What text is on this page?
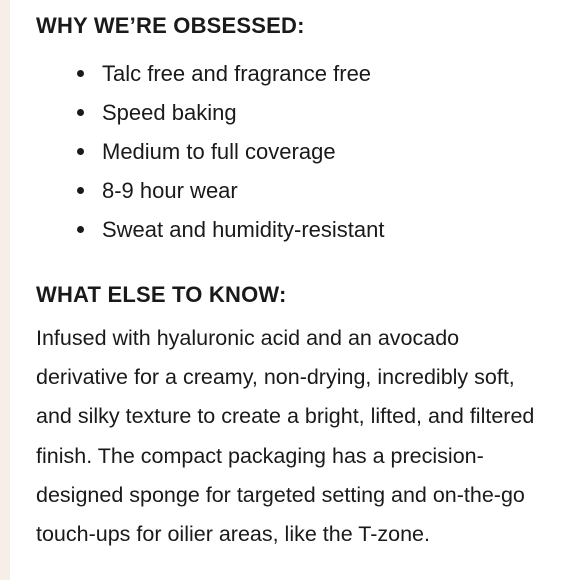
WHY WE’RE OBSESSED:
Talc free and fragrance free
Speed baking
Medium to full coverage
8-9 hour wear
Sweat and humidity-resistant
WHAT ELSE TO KNOW:

Infused with hyaluronic acid and an avocado
derivative for a creamy, non-drying, incredibly soft,
and silky texture to create a bright, lifted, and filtered
finish. The compact packaging has a precision-
designed sponge for targeted setting and on-the-go
touch-ups for oilier areas, like the T-zone.
